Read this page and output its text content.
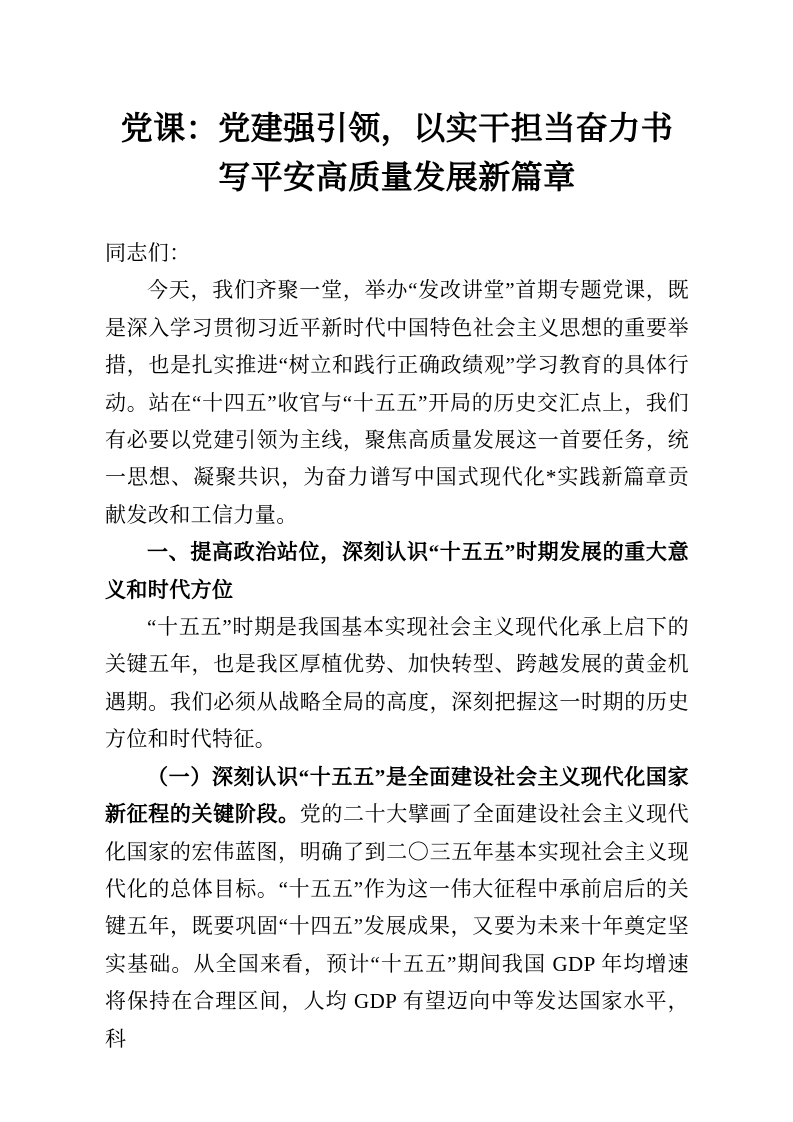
党课：党建强引领，以实干担当奋力书写平安高质量发展新篇章

同志们：

今天，我们齐聚一堂，举办“发改讲堂”首期专题党课，既是深入学习贯彻习近平新时代中国特色社会主义思想的重要举措，也是扎实推进“树立和践行正确政绩观”学习教育的具体行动。站在“十四五”收官与“十五五”开局的历史交汇点上，我们有必要以党建引领为主线，聚焦高质量发展这一首要任务，统一思想、凝聚共识，为奋力谱写中国式现代化*实践新篇章贡献发改和工信力量。

一、提高政治站位，深刻认识“十五五”时期发展的重大意义和时代方位

“十五五”时期是我国基本实现社会主义现代化承上启下的关键五年，也是我区厚植优势、加快转型、跨越发展的黄金机遇期。我们必须从战略全局的高度，深刻把握这一时期的历史方位和时代特征。

（一）深刻认识“十五五”是全面建设社会主义现代化国家新征程的关键阶段。党的二十大擘画了全面建设社会主义现代化国家的宏伟蓝图，明确了到二〇三五年基本实现社会主义现代化的总体目标。“十五五”作为这一伟大征程中承前启后的关键五年，既要巩固“十四五”发展成果，又要为未来十年奠定坚实基础。从全国来看，预计“十五五”期间我国 GDP 年均增速将保持在合理区间，人均 GDP 有望迈向中等发达国家水平，科
